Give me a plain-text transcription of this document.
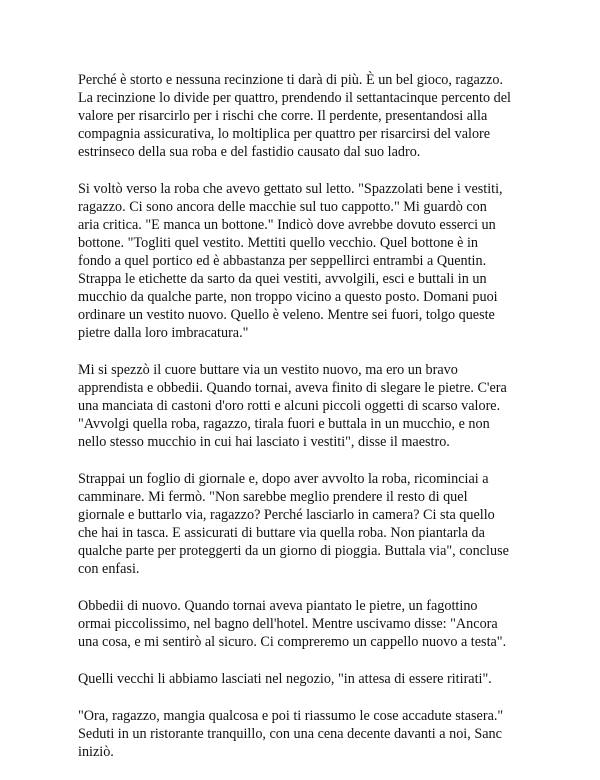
Perché è storto e nessuna recinzione ti darà di più. È un bel gioco, ragazzo.
La recinzione lo divide per quattro, prendendo il settantacinque percento del
valore per risarcirlo per i rischi che corre. Il perdente, presentandosi alla
compagnia assicurativa, lo moltiplica per quattro per risarcirsi del valore
estrinseco della sua roba e del fastidio causato dal suo ladro.

Si voltò verso la roba che avevo gettato sul letto. "Spazzolati bene i vestiti,
ragazzo. Ci sono ancora delle macchie sul tuo cappotto." Mi guardò con
aria critica. "E manca un bottone." Indicò dove avrebbe dovuto esserci un
bottone. "Togliti quel vestito. Mettiti quello vecchio. Quel bottone è in
fondo a quel portico ed è abbastanza per seppellirci entrambi a Quentin.
Strappa le etichette da sarto da quei vestiti, avvolgili, esci e buttali in un
mucchio da qualche parte, non troppo vicino a questo posto. Domani puoi
ordinare un vestito nuovo. Quello è veleno. Mentre sei fuori, tolgo queste
pietre dalla loro imbracatura."

Mi si spezzò il cuore buttare via un vestito nuovo, ma ero un bravo
apprendista e obbedii. Quando tornai, aveva finito di slegare le pietre. C'era
una manciata di castoni d'oro rotti e alcuni piccoli oggetti di scarso valore.
"Avvolgi quella roba, ragazzo, tirala fuori e buttala in un mucchio, e non
nello stesso mucchio in cui hai lasciato i vestiti", disse il maestro.

Strappai un foglio di giornale e, dopo aver avvolto la roba, ricominciai a
camminare. Mi fermò. "Non sarebbe meglio prendere il resto di quel
giornale e buttarlo via, ragazzo? Perché lasciarlo in camera? Ci sta quello
che hai in tasca. E assicurati di buttare via quella roba. Non piantarla da
qualche parte per proteggerti da un giorno di pioggia. Buttala via", concluse
con enfasi.

Obbedii di nuovo. Quando tornai aveva piantato le pietre, un fagottino
ormai piccolissimo, nel bagno dell'hotel. Mentre uscivamo disse: "Ancora
una cosa, e mi sentirò al sicuro. Ci compreremo un cappello nuovo a testa".

Quelli vecchi li abbiamo lasciati nel negozio, "in attesa di essere ritirati".

"Ora, ragazzo, mangia qualcosa e poi ti riassumo le cose accadute stasera."
Seduti in un ristorante tranquillo, con una cena decente davanti a noi, Sanc
iniziò.
